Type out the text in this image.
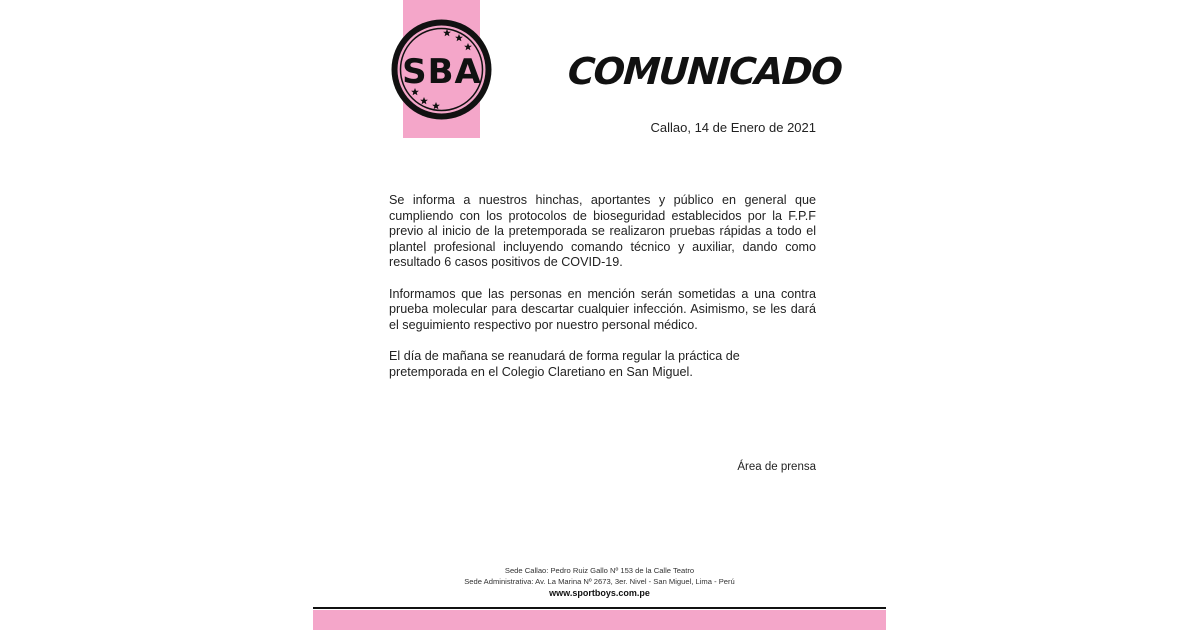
SBA COMUNICADO
Callao, 14 de Enero de 2021

Se informa a nuestros hinchas, aportantes y público en general que cumpliendo con los protocolos de bioseguridad establecidos por la F.P.F previo al inicio de la pretemporada se realizaron pruebas rápidas a todo el plantel profesional incluyendo comando técnico y auxiliar, dando como resultado 6 casos positivos de COVID-19.

Informamos que las personas en mención serán sometidas a una contra prueba molecular para descartar cualquier infección. Asimismo, se les dará el seguimiento respectivo por nuestro personal médico.

El día de mañana se reanudará de forma regular la práctica de pretemporada en el Colegio Claretiano en San Miguel.

Área de prensa
Sede Callao: Pedro Ruiz Gallo Nº 153 de la Calle Teatro
Sede Administrativa: Av. La Marina Nº 2673, 3er. Nivel - San Miguel, Lima - Perú
www.sportboys.com.pe
